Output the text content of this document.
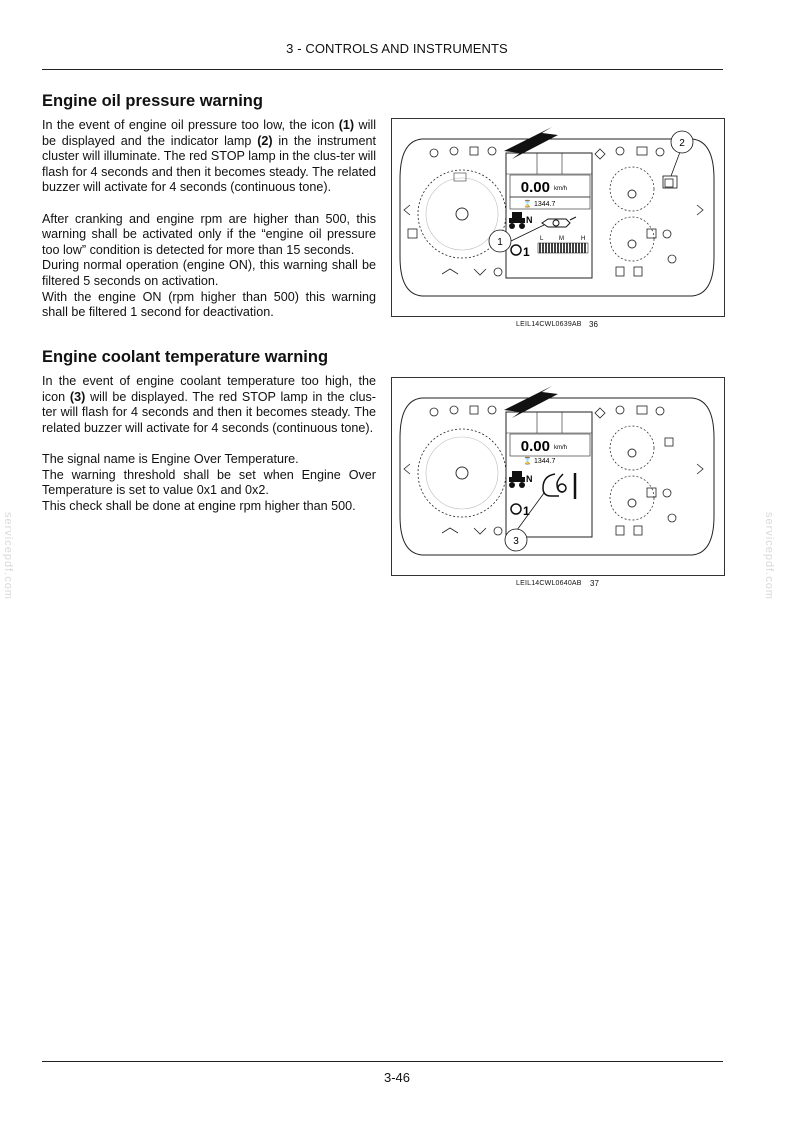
3 - CONTROLS AND INSTRUMENTS
Engine oil pressure warning

In the event of engine oil pressure too low, the icon (1) will be displayed and the indicator lamp (2) in the instrument cluster will illuminate. The red STOP lamp in the clus-ter will flash for 4 seconds and then it becomes steady. The related buzzer will activate for 4 seconds (continuous tone).

After cranking and engine rpm are higher than 500, this warning shall be activated only if the “engine oil pressure too low” condition is detected for more than 15 seconds.

During normal operation (engine ON), this warning shall be filtered 5 seconds on activation.

With the engine ON (rpm higher than 500) this warning shall be filtered 1 second for deactivation.

0.00 km/h
⌛ 1344.7
N
L	M	H
1
1
2
LEIL14CWL0639AB 36
Engine coolant temperature warning

In the event of engine coolant temperature too high, the icon (3) will be displayed. The red STOP lamp in the clus-ter will flash for 4 seconds and then it becomes steady. The related buzzer will activate for 4 seconds (continuous tone).

The signal name is Engine Over Temperature.

The warning threshold shall be set when Engine Over Temperature is set to value 0x1 and 0x2.

This check shall be done at engine rpm higher than 500.

0.00 km/h
⌛ 1344.7
N
1
3
LEIL14CWL0640AB 37
servicepdf.com	servicepdf.com
3-46
